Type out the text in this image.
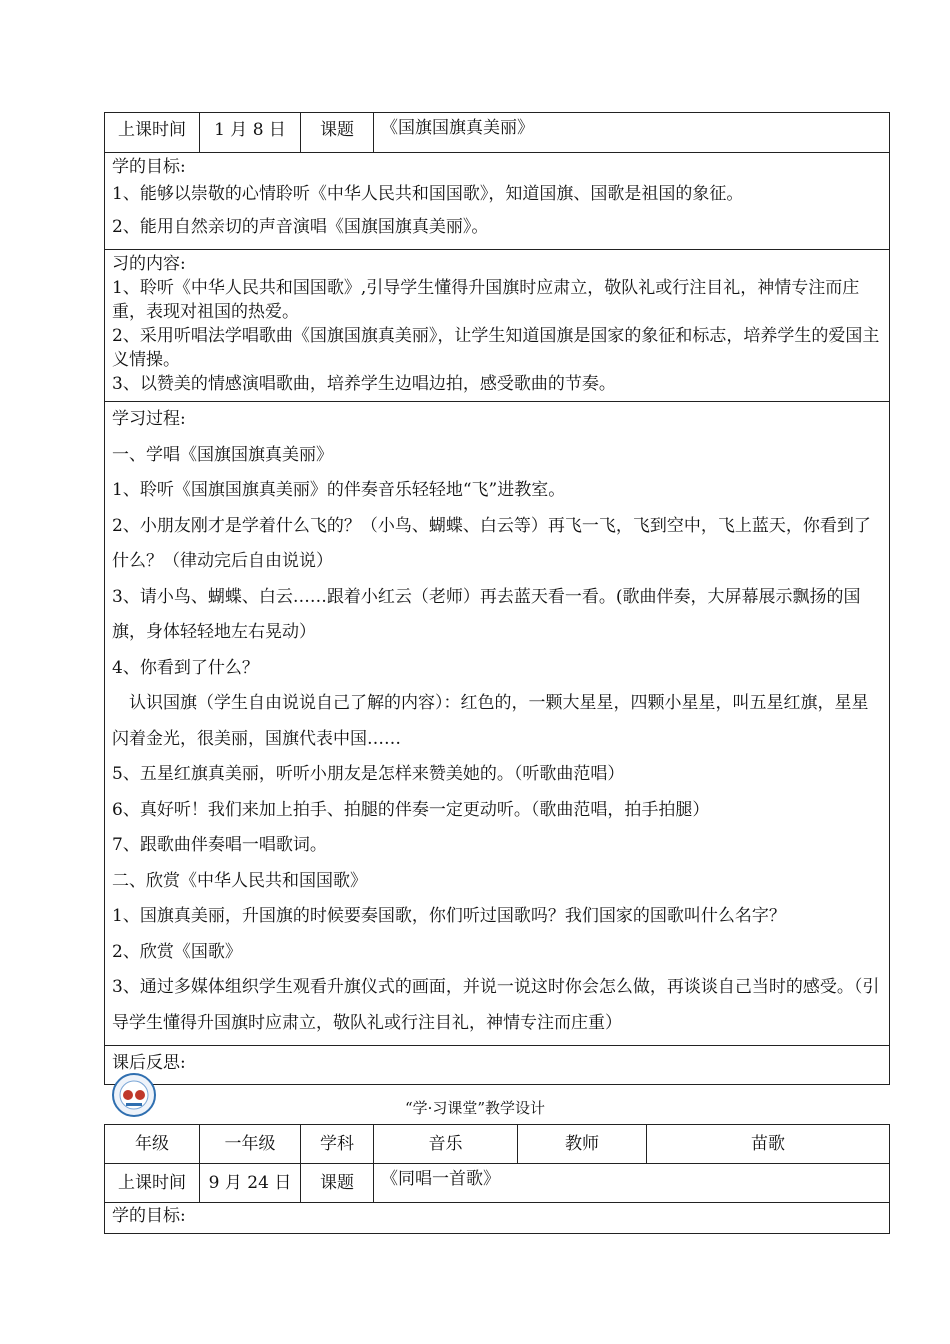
上课时间	1 月 8 日	课题	《国旗国旗真美丽》

学的目标:

1、能够以崇敬的心情聆听《中华人民共和国国歌》，知道国旗、国歌是祖国的象征。

2、能用自然亲切的声音演唱《国旗国旗真美丽》。

习的内容:

1、聆听《中华人民共和国国歌》,引导学生懂得升国旗时应肃立，敬队礼或行注目礼，神情专注而庄重，表现对祖国的热爱。

2、采用听唱法学唱歌曲《国旗国旗真美丽》，让学生知道国旗是国家的象征和标志，培养学生的爱国主义情操。

3、以赞美的情感演唱歌曲，培养学生边唱边拍，感受歌曲的节奏。

学习过程:

一、学唱《国旗国旗真美丽》

1、聆听《国旗国旗真美丽》的伴奏音乐轻轻地“飞”进教室。

2、小朋友刚才是学着什么飞的？（小鸟、蝴蝶、白云等）再飞一飞，飞到空中，飞上蓝天，你看到了什么？（律动完后自由说说）

3、请小鸟、蝴蝶、白云……跟着小红云（老师）再去蓝天看一看。(歌曲伴奏，大屏幕展示飘扬的国旗，身体轻轻地左右晃动）

4、你看到了什么？

认识国旗（学生自由说说自己了解的内容）：红色的，一颗大星星，四颗小星星，叫五星红旗，星星闪着金光，很美丽，国旗代表中国……

5、五星红旗真美丽，听听小朋友是怎样来赞美她的。（听歌曲范唱）

6、真好听！我们来加上拍手、拍腿的伴奏一定更动听。（歌曲范唱，拍手拍腿）

7、跟歌曲伴奏唱一唱歌词。

二、欣赏《中华人民共和国国歌》

1、国旗真美丽，升国旗的时候要奏国歌，你们听过国歌吗？我们国家的国歌叫什么名字？

2、欣赏《国歌》

3、通过多媒体组织学生观看升旗仪式的画面，并说一说这时你会怎么做，再谈谈自己当时的感受。（引导学生懂得升国旗时应肃立，敬队礼或行注目礼，神情专注而庄重）

课后反思:
“学·习课堂”教学设计
年级	一年级	学科	音乐	教师	苗歌

上课时间	9 月 24 日	课题	《同唱一首歌》		

学的目标:					
